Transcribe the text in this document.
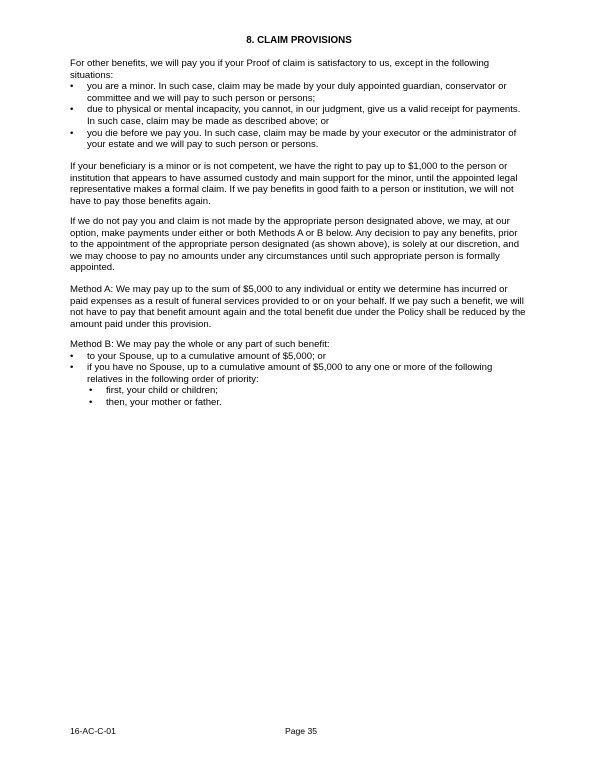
8. CLAIM PROVISIONS

For other benefits, we will pay you if your Proof of claim is satisfactory to us, except in the following situations:

• you are a minor. In such case, claim may be made by your duly appointed guardian, conservator or committee and we will pay to such person or persons;
• due to physical or mental incapacity, you cannot, in our judgment, give us a valid receipt for payments. In such case, claim may be made as described above; or
• you die before we pay you. In such case, claim may be made by your executor or the administrator of your estate and we will pay to such person or persons.

If your beneficiary is a minor or is not competent, we have the right to pay up to $1,000 to the person or institution that appears to have assumed custody and main support for the minor, until the appointed legal representative makes a formal claim. If we pay benefits in good faith to a person or institution, we will not have to pay those benefits again.

If we do not pay you and claim is not made by the appropriate person designated above, we may, at our option, make payments under either or both Methods A or B below. Any decision to pay any benefits, prior to the appointment of the appropriate person designated (as shown above), is solely at our discretion, and we may choose to pay no amounts under any circumstances until such appropriate person is formally appointed.

Method A: We may pay up to the sum of $5,000 to any individual or entity we determine has incurred or paid expenses as a result of funeral services provided to or on your behalf. If we pay such a benefit, we will not have to pay that benefit amount again and the total benefit due under the Policy shall be reduced by the amount paid under this provision.

Method B: We may pay the whole or any part of such benefit:

• to your Spouse, up to a cumulative amount of $5,000; or
• if you have no Spouse, up to a cumulative amount of $5,000 to any one or more of the following relatives in the following order of priority:
• first, your child or children;
• then, your mother or father.
16-AC-C-01	Page 35
